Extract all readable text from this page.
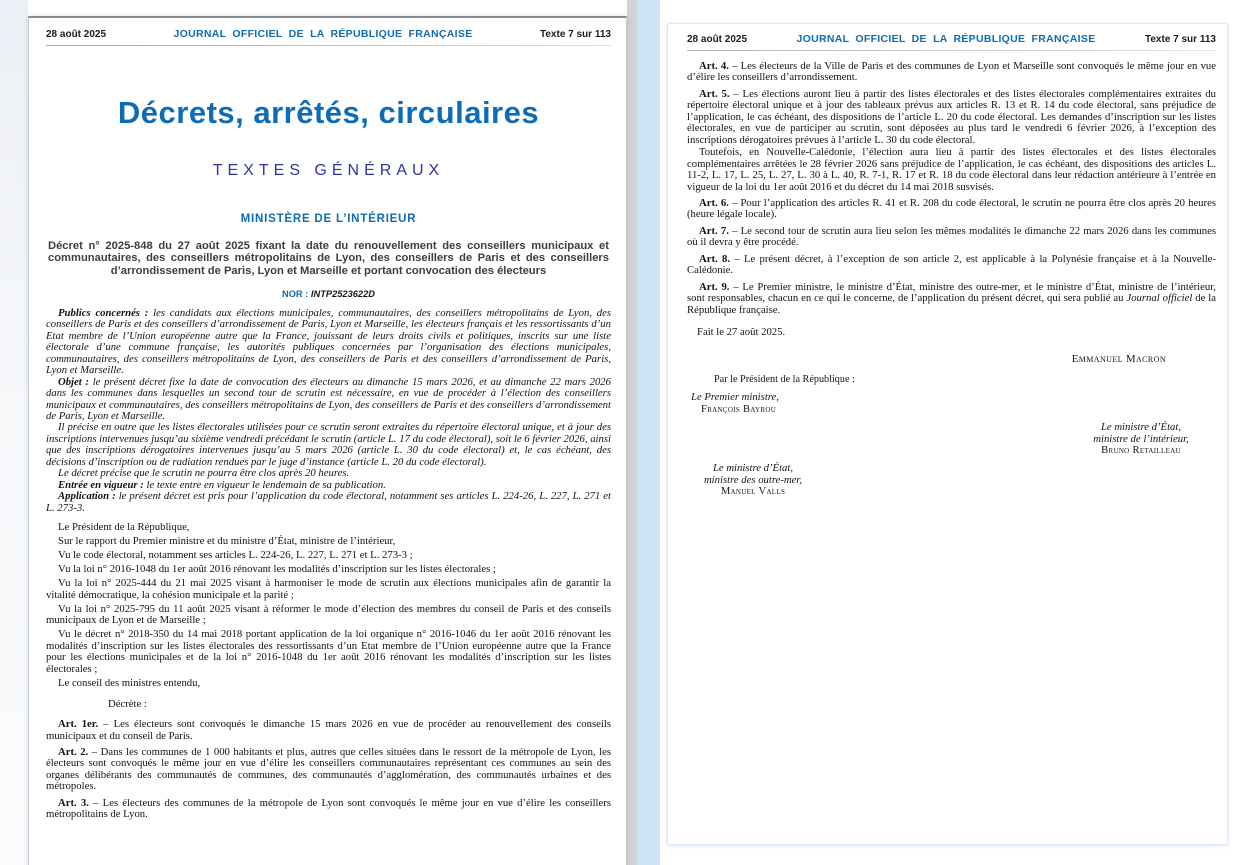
28 août 2025	JOURNAL OFFICIEL DE LA RÉPUBLIQUE FRANÇAISE	Texte 7 sur 113
Décrets, arrêtés, circulaires
TEXTES GÉNÉRAUX
MINISTÈRE DE L’INTÉRIEUR

Décret n° 2025-848 du 27 août 2025 fixant la date du renouvellement des conseillers municipaux et communautaires, des conseillers métropolitains de Lyon, des conseillers de Paris et des conseillers d’arrondissement de Paris, Lyon et Marseille et portant convocation des électeurs

NOR : INTP2523622D

Publics concernés : les candidats aux élections municipales, communautaires, des conseillers métropolitains de Lyon, des conseillers de Paris et des conseillers d’arrondissement de Paris, Lyon et Marseille, les électeurs français et les ressortissants d’un Etat membre de l’Union européenne autre que la France, jouissant de leurs droits civils et politiques, inscrits sur une liste électorale d’une commune française, les autorités publiques concernées par l’organisation des élections municipales, communautaires, des conseillers métropolitains de Lyon, des conseillers de Paris et des conseillers d’arrondissement de Paris, Lyon et Marseille.

Objet : le présent décret fixe la date de convocation des électeurs au dimanche 15 mars 2026, et au dimanche 22 mars 2026 dans les communes dans lesquelles un second tour de scrutin est nécessaire, en vue de procéder à l’élection des conseillers municipaux et communautaires, des conseillers métropolitains de Lyon, des conseillers de Paris et des conseillers d’arrondissement de Paris, Lyon et Marseille.

Il précise en outre que les listes électorales utilisées pour ce scrutin seront extraites du répertoire électoral unique, et à jour des inscriptions intervenues jusqu’au sixième vendredi précédant le scrutin (article L. 17 du code électoral), soit le 6 février 2026, ainsi que des inscriptions dérogatoires intervenues jusqu’au 5 mars 2026 (article L. 30 du code électoral) et, le cas échéant, des décisions d’inscription ou de radiation rendues par le juge d’instance (article L. 20 du code électoral).

Le décret précise que le scrutin ne pourra être clos après 20 heures.

Entrée en vigueur : le texte entre en vigueur le lendemain de sa publication.

Application : le présent décret est pris pour l’application du code électoral, notamment ses articles L. 224-26, L. 227, L. 271 et L. 273-3.

Le Président de la République,

Sur le rapport du Premier ministre et du ministre d’État, ministre de l’intérieur,

Vu le code électoral, notamment ses articles L. 224-26, L. 227, L. 271 et L. 273-3 ;

Vu la loi n° 2016-1048 du 1er août 2016 rénovant les modalités d’inscription sur les listes électorales ;

Vu la loi n° 2025-444 du 21 mai 2025 visant à harmoniser le mode de scrutin aux élections municipales afin de garantir la vitalité démocratique, la cohésion municipale et la parité ;

Vu la loi n° 2025-795 du 11 août 2025 visant à réformer le mode d’élection des membres du conseil de Paris et des conseils municipaux de Lyon et de Marseille ;

Vu le décret n° 2018-350 du 14 mai 2018 portant application de la loi organique n° 2016-1046 du 1er août 2016 rénovant les modalités d’inscription sur les listes électorales des ressortissants d’un Etat membre de l’Union européenne autre que la France pour les élections municipales et de la loi n° 2016-1048 du 1er août 2016 rénovant les modalités d’inscription sur les listes électorales ;

Le conseil des ministres entendu,

Décrète :

Art. 1er. – Les électeurs sont convoqués le dimanche 15 mars 2026 en vue de procéder au renouvellement des conseils municipaux et du conseil de Paris.

Art. 2. – Dans les communes de 1 000 habitants et plus, autres que celles situées dans le ressort de la métropole de Lyon, les électeurs sont convoqués le même jour en vue d’élire les conseillers communautaires représentant ces communes au sein des organes délibérants des communautés de communes, des communautés d’agglomération, des communautés urbaines et des métropoles.

Art. 3. – Les électeurs des communes de la métropole de Lyon sont convoqués le même jour en vue d’élire les conseillers métropolitains de Lyon.

28 août 2025	JOURNAL OFFICIEL DE LA RÉPUBLIQUE FRANÇAISE	Texte 7 sur 113

Art. 4. – Les électeurs de la Ville de Paris et des communes de Lyon et Marseille sont convoqués le même jour en vue d’élire les conseillers d’arrondissement.

Art. 5. – Les élections auront lieu à partir des listes électorales et des listes électorales complémentaires extraites du répertoire électoral unique et à jour des tableaux prévus aux articles R. 13 et R. 14 du code électoral, sans préjudice de l’application, le cas échéant, des dispositions de l’article L. 20 du code électoral. Les demandes d’inscription sur les listes électorales, en vue de participer au scrutin, sont déposées au plus tard le vendredi 6 février 2026, à l’exception des inscriptions dérogatoires prévues à l’article L. 30 du code électoral.

Toutefois, en Nouvelle-Calédonie, l’élection aura lieu à partir des listes électorales et des listes électorales complémentaires arrêtées le 28 février 2026 sans préjudice de l’application, le cas échéant, des dispositions des articles L. 11-2, L. 17, L. 25, L. 27, L. 30 à L. 40, R. 7-1, R. 17 et R. 18 du code électoral dans leur rédaction antérieure à l’entrée en vigueur de la loi du 1er août 2016 et du décret du 14 mai 2018 susvisés.

Art. 6. – Pour l’application des articles R. 41 et R. 208 du code électoral, le scrutin ne pourra être clos après 20 heures (heure légale locale).

Art. 7. – Le second tour de scrutin aura lieu selon les mêmes modalités le dimanche 22 mars 2026 dans les communes où il devra y être procédé.

Art. 8. – Le présent décret, à l’exception de son article 2, est applicable à la Polynésie française et à la Nouvelle-Calédonie.

Art. 9. – Le Premier ministre, le ministre d’État, ministre des outre-mer, et le ministre d’État, ministre de l’intérieur, sont responsables, chacun en ce qui le concerne, de l’application du présent décret, qui sera publié au Journal officiel de la République française.

Fait le 27 août 2025.

Emmanuel Macron

Par le Président de la République :

Le Premier ministre,

François Bayrou

Le ministre d’État,
ministre de l’intérieur,
Bruno Retailleau
Le ministre d’État,
ministre des outre-mer,
Manuel Valls
